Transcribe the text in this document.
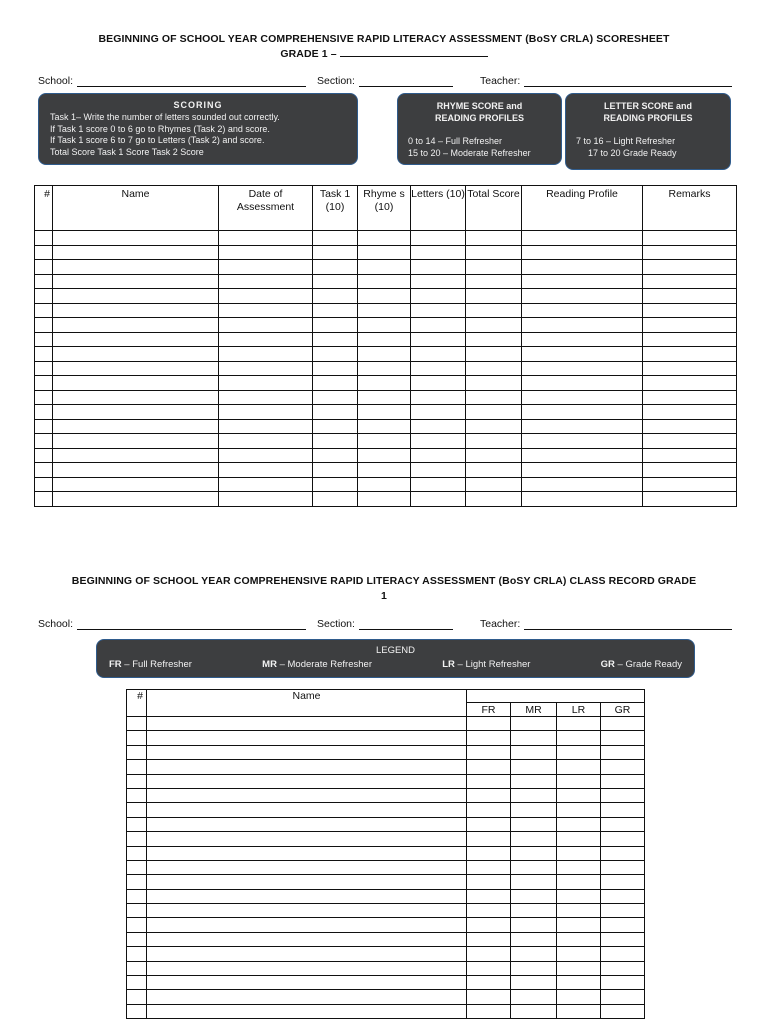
BEGINNING OF SCHOOL YEAR COMPREHENSIVE RAPID LITERACY ASSESSMENT (BoSY CRLA) SCORESHEET
GRADE 1 –
School:	Section:	Teacher:
SCORING
Task 1– Write the number of letters sounded out correctly.
If Task 1 score 0 to 6 go to Rhymes (Task 2) and score.
If Task 1 score 6 to 7 go to Letters (Task 2) and score.
Total Score Task 1 Score Task 2 Score
RHYME SCORE and
READING PROFILES
0 to 14 – Full Refresher
15 to 20 – Moderate Refresher
LETTER SCORE and
READING PROFILES
7 to 16 – Light Refresher
17 to 20 Grade Ready
#	Name	Date of Assessment	Task 1 (10)	Rhyme s (10)	Letters (10)	Total Score	Reading Profile	Remarks

BEGINNING OF SCHOOL YEAR COMPREHENSIVE RAPID LITERACY ASSESSMENT (BoSY CRLA) CLASS RECORD GRADE
1
School:	Section:	Teacher:
LEGEND
FR – Full Refresher	MR – Moderate Refresher	LR – Light Refresher	GR – Grade Ready
#	Name				
		FR	MR	LR	GR
